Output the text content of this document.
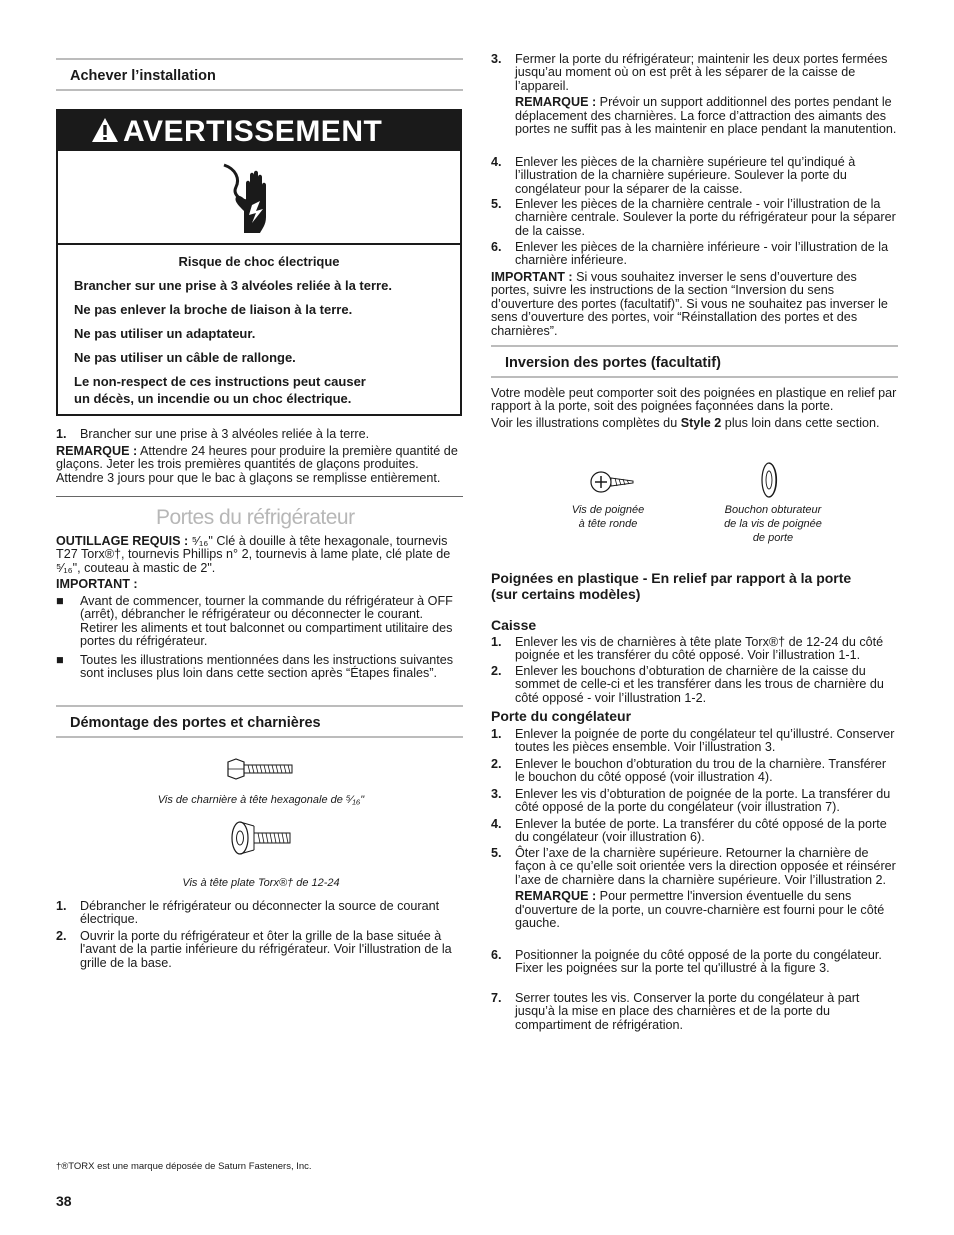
Achever l’installation
AVERTISSEMENT
Risque de choc électrique
Brancher sur une prise à 3 alvéoles reliée à la terre.
Ne pas enlever la broche de liaison à la terre.
Ne pas utiliser un adaptateur.
Ne pas utiliser un câble de rallonge.
Le non-respect de ces instructions peut causer
un décès, un incendie ou un choc électrique.
1. Brancher sur une prise à 3 alvéoles reliée à la terre.

REMARQUE : Attendre 24 heures pour produire la première quantité de glaçons. Jeter les trois premières quantités de glaçons produites. Attendre 3 jours pour que le bac à glaçons se remplisse entièrement.

Portes du réfrigérateur

OUTILLAGE REQUIS : ⁵⁄₁₆" Clé à douille à tête hexagonale, tournevis T27 Torx®†, tournevis Phillips n° 2, tournevis à lame plate, clé plate de ⁵⁄₁₆", couteau à mastic de 2".

IMPORTANT :

■ Avant de commencer, tourner la commande du réfrigérateur à OFF (arrêt), débrancher le réfrigérateur ou déconnecter le courant. Retirer les aliments et tout balconnet ou compartiment utilitaire des portes du réfrigérateur.
■ Toutes les illustrations mentionnées dans les instructions suivantes sont incluses plus loin dans cette section après “Étapes finales”.
Démontage des portes et charnières
Vis de charnière à tête hexagonale de ⁵⁄₁₆"
Vis à tête plate Torx®† de 12-24
1. Débrancher le réfrigérateur ou déconnecter la source de courant électrique.
2. Ouvrir la porte du réfrigérateur et ôter la grille de la base située à l'avant de la partie inférieure du réfrigérateur. Voir l'illustration de la grille de la base.
3. Fermer la porte du réfrigérateur; maintenir les deux portes fermées jusqu’au moment où on est prêt à les séparer de la caisse de l’appareil.
REMARQUE : Prévoir un support additionnel des portes pendant le déplacement des charnières. La force d’attraction des aimants des portes ne suffit pas à les maintenir en place pendant la manutention.
4. Enlever les pièces de la charnière supérieure tel qu’indiqué à l’illustration de la charnière supérieure. Soulever la porte du congélateur pour la séparer de la caisse.
5. Enlever les pièces de la charnière centrale - voir l’illustration de la charnière centrale. Soulever la porte du réfrigérateur pour la séparer de la caisse.
6. Enlever les pièces de la charnière inférieure - voir l’illustration de la charnière inférieure.

IMPORTANT : Si vous souhaitez inverser le sens d’ouverture des portes, suivre les instructions de la section “Inversion du sens d’ouverture des portes (facultatif)”. Si vous ne souhaitez pas inverser le sens d’ouverture des portes, voir “Réinstallation des portes et des charnières”.

Inversion des portes (facultatif)

Votre modèle peut comporter soit des poignées en plastique en relief par rapport à la porte, soit des poignées façonnées dans la porte.

Voir les illustrations complètes du Style 2 plus loin dans cette section.

Vis de poignée
à tête ronde
Bouchon obturateur
de la vis de poignée
de porte
Poignées en plastique - En relief par rapport à la porte
(sur certains modèles)
Caisse
1. Enlever les vis de charnières à tête plate Torx®† de 12-24 du côté poignée et les transférer du côté opposé. Voir l’illustration 1-1.
2. Enlever les bouchons d’obturation de charnière de la caisse du sommet de celle-ci et les transférer dans les trous de charnière du côté opposé - voir l’illustration 1-2.
Porte du congélateur
1. Enlever la poignée de porte du congélateur tel qu’illustré. Conserver toutes les pièces ensemble. Voir l’illustration 3.
2. Enlever le bouchon d’obturation du trou de la charnière. Transférer le bouchon du côté opposé (voir illustration 4).
3. Enlever les vis d’obturation de poignée de la porte. La transférer du côté opposé de la porte du congélateur (voir illustration 7).
4. Enlever la butée de porte. La transférer du côté opposé de la porte du congélateur (voir illustration 6).
5. Ôter l’axe de la charnière supérieure. Retourner la charnière de façon à ce qu’elle soit orientée vers la direction opposée et réinsérer l’axe de charnière dans la charnière supérieure. Voir l’illustration 2.
REMARQUE : Pour permettre l'inversion éventuelle du sens d'ouverture de la porte, un couvre-charnière est fourni pour le côté gauche.
6. Positionner la poignée du côté opposé de la porte du congélateur. Fixer les poignées sur la porte tel qu'illustré à la figure 3.
7. Serrer toutes les vis. Conserver la porte du congélateur à part jusqu’à la mise en place des charnières et de la porte du compartiment de réfrigération.
†®TORX est une marque déposée de Saturn Fasteners, Inc.
38
